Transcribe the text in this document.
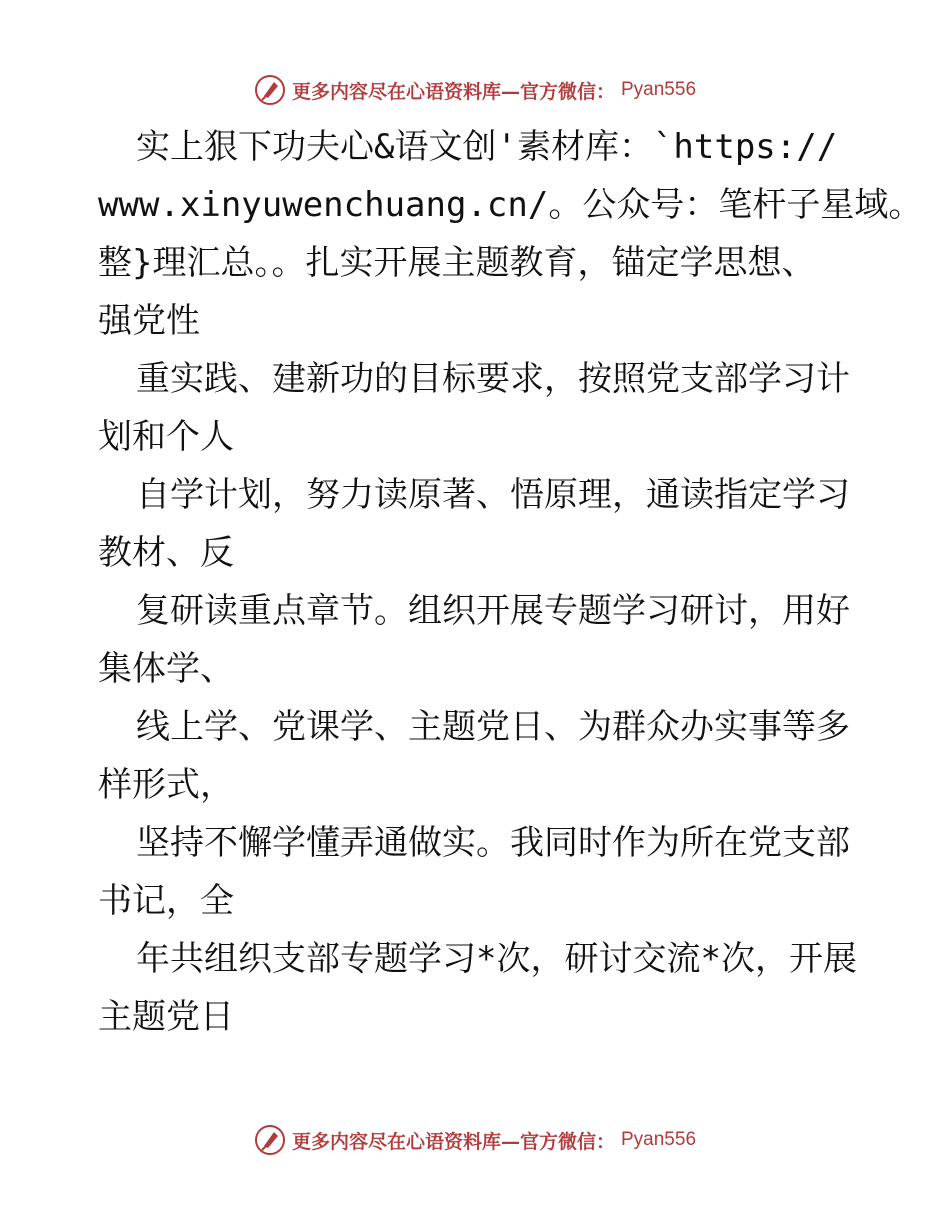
更多内容尽在心语资料库—官方微信： Pyan556

实上狠下功夫心&语文创'素材库：`https://

www.xinyuwenchuang.cn/。公众号：笔杆子星域。

整}理汇总。。扎实开展主题教育，锚定学思想、

强党性

重实践、建新功的目标要求，按照党支部学习计

划和个人

自学计划，努力读原著、悟原理，通读指定学习

教材、反

复研读重点章节。组织开展专题学习研讨，用好

集体学、

线上学、党课学、主题党日、为群众办实事等多

样形式，

坚持不懈学懂弄通做实。我同时作为所在党支部

书记，全

年共组织支部专题学习*次，研讨交流*次，开展

主题党日

更多内容尽在心语资料库—官方微信： Pyan556
